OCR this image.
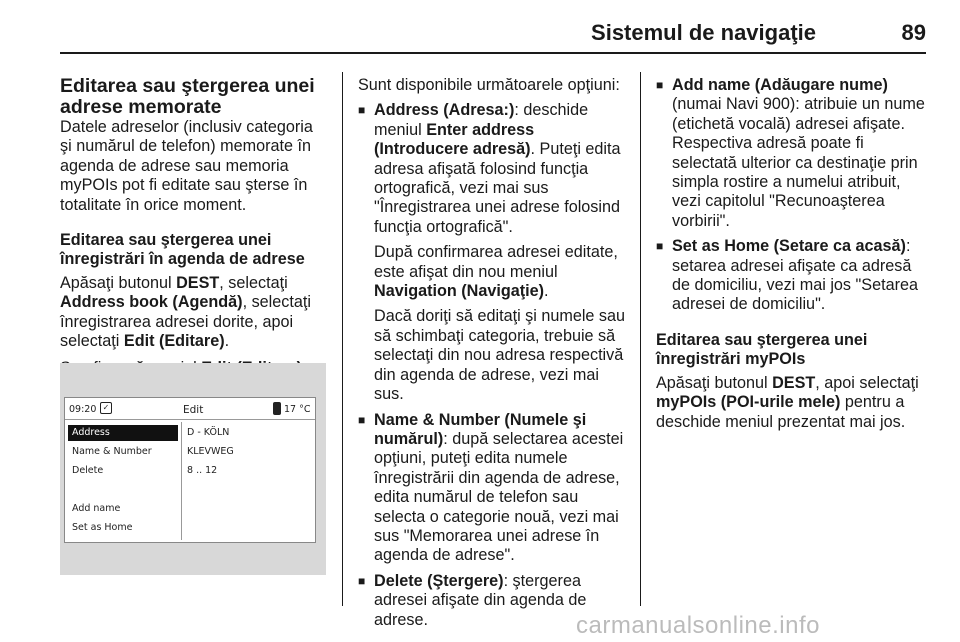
Sistemul de navigaţie	89
Editarea sau ştergerea unei adrese memorate

Datele adreselor (inclusiv categoria şi numărul de telefon) memorate în agenda de adrese sau memoria myPOIs pot fi editate sau şterse în totalitate în orice moment.

Editarea sau ştergerea unei înregistrări în agenda de adrese

Apăsaţi butonul DEST, selectaţi Address book (Agendă), selectaţi înregistrarea adresei dorite, apoi selectaţi Edit (Editare).

09:20 ✓	Edit	17 °C
Address
Name & Number
Delete
Add name
Set as Home
D - KÖLN
KLEVWEG
8 .. 12

Sunt disponibile următoarele opţiuni:

■ Address (Adresa:): deschide meniul Enter address (Introducere adresă). Puteţi edita adresa afişată folosind funcţia ortografică, vezi mai sus "Înregistrarea unei adrese folosind funcţia ortografică".
După confirmarea adresei editate, este afişat din nou meniul Navigation (Navigaţie).
Dacă doriţi să editaţi şi numele sau să schimbaţi categoria, trebuie să selectaţi din nou adresa respectivă din agenda de adrese, vezi mai sus.
■ Name & Number (Numele şi numărul): după selectarea acestei opţiuni, puteţi edita numele înregistrării din agenda de adrese, edita numărul de telefon sau selecta o categorie nouă, vezi mai sus "Memorarea unei adrese în agenda de adrese".
■ Delete (Ştergere): ştergerea adresei afişate din agenda de adrese.
■ Add name (Adăugare nume)
(numai Navi 900): atribuie un nume (etichetă vocală) adresei afişate. Respectiva adresă poate fi selectată ulterior ca destinaţie prin simpla rostire a numelui atribuit, vezi capitolul "Recunoaşterea vorbirii".
■ Set as Home (Setare ca acasă): setarea adresei afişate ca adresă de domiciliu, vezi mai jos "Setarea adresei de domiciliu".

Editarea sau ştergerea unei înregistrări myPOIs

Apăsaţi butonul DEST, apoi selectaţi myPOIs (POI-urile mele) pentru a deschide meniul prezentat mai jos.

carmanualsonline.info
